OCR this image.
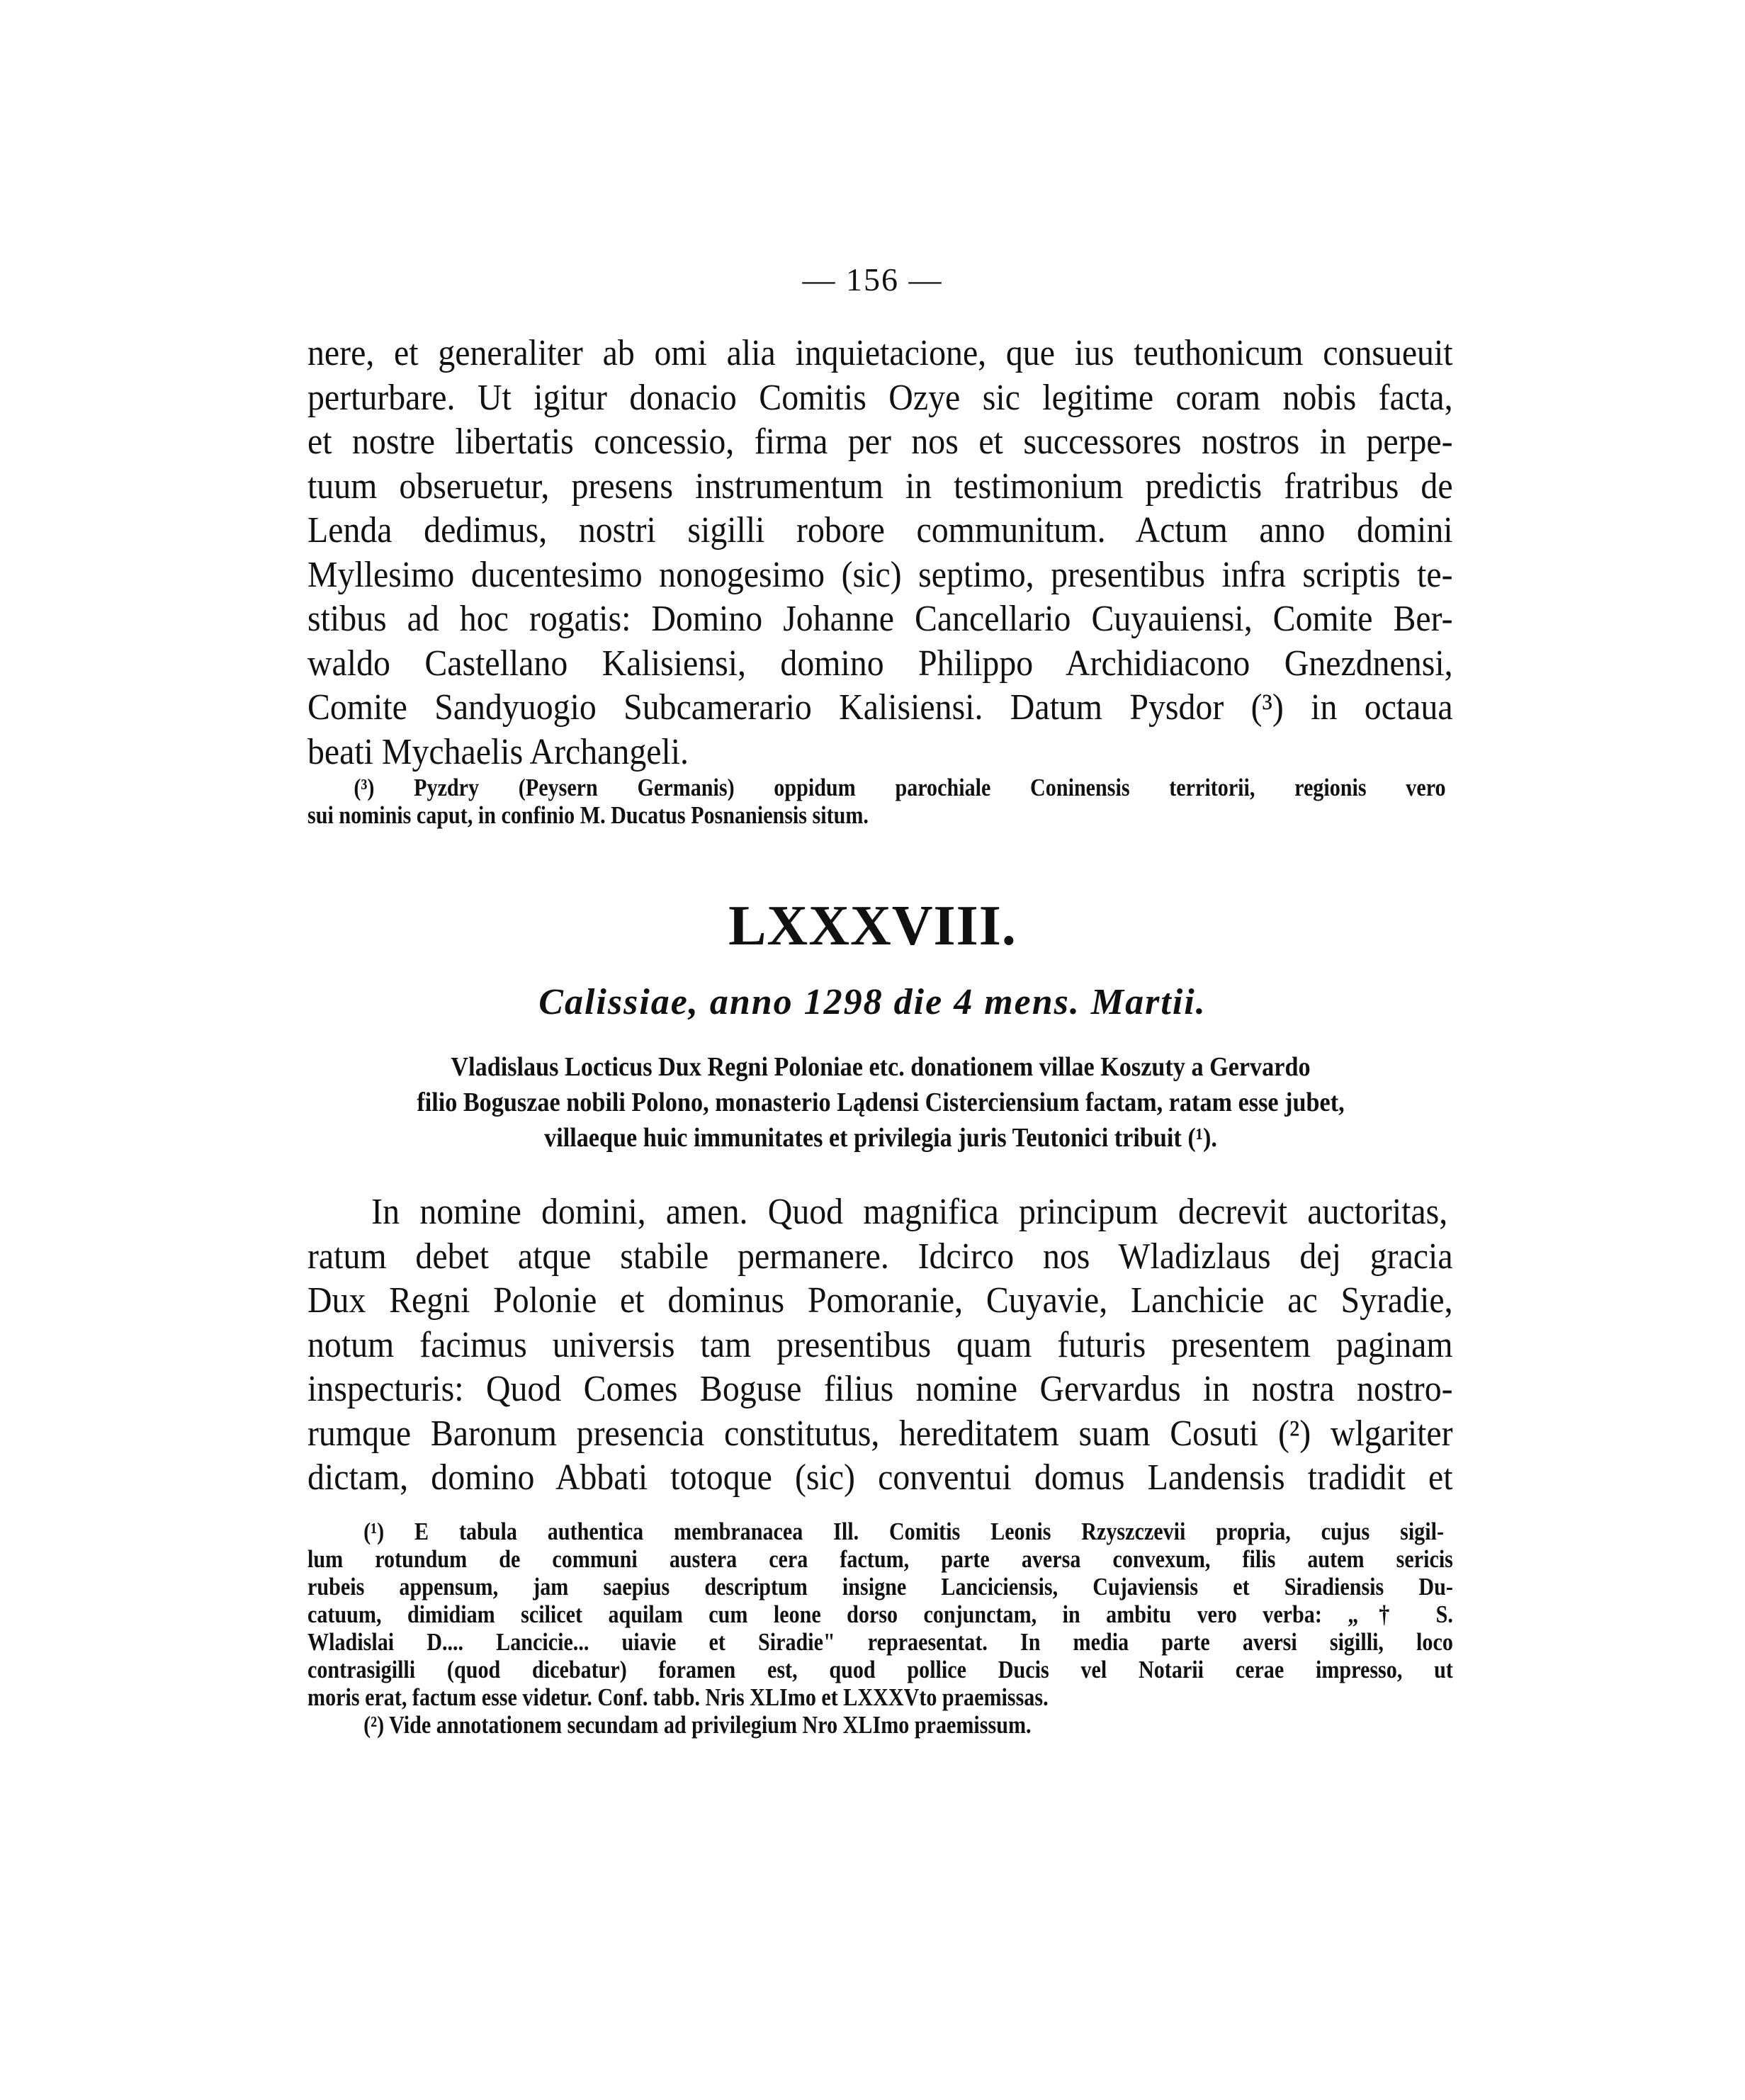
— 156 —
nere, et generaliter ab omi alia inquietacione, que ius teuthonicum consueuit
perturbare. Ut igitur donacio Comitis Ozye sic legitime coram nobis facta,
et nostre libertatis concessio, firma per nos et successores nostros in perpe-
tuum obseruetur, presens instrumentum in testimonium predictis fratribus de
Lenda dedimus, nostri sigilli robore communitum. Actum anno domini
Myllesimo ducentesimo nonogesimo (sic) septimo, presentibus infra scriptis te-
stibus ad hoc rogatis: Domino Johanne Cancellario Cuyauiensi, Comite Ber-
waldo Castellano Kalisiensi, domino Philippo Archidiacono Gnezdnensi,
Comite Sandyuogio Subcamerario Kalisiensi. Datum Pysdor (³) in octaua
beati Mychaelis Archangeli.
(³) Pyzdry (Peysern Germanis) oppidum parochiale Coninensis territorii, regionis vero
sui nominis caput, in confinio M. Ducatus Posnaniensis situm.
LXXXVIII.
Calissiae, anno 1298 die 4 mens. Martii.
Vladislaus Locticus Dux Regni Poloniae etc. donationem villae Koszuty a Gervardo
filio Boguszae nobili Polono, monasterio Lądensi Cisterciensium factam, ratam esse jubet,
villaeque huic immunitates et privilegia juris Teutonici tribuit (¹).
In nomine domini, amen. Quod magnifica principum decrevit auctoritas,
ratum debet atque stabile permanere. Idcirco nos Wladizlaus dej gracia
Dux Regni Polonie et dominus Pomoranie, Cuyavie, Lanchicie ac Syradie,
notum facimus universis tam presentibus quam futuris presentem paginam
inspecturis: Quod Comes Boguse filius nomine Gervardus in nostra nostro-
rumque Baronum presencia constitutus, hereditatem suam Cosuti (²) wlgariter
dictam, domino Abbati totoque (sic) conventui domus Landensis tradidit et
(¹) E tabula authentica membranacea Ill. Comitis Leonis Rzyszczevii propria, cujus sigil-
lum rotundum de communi austera cera factum, parte aversa convexum, filis autem sericis
rubeis appensum, jam saepius descriptum insigne Lanciciensis, Cujaviensis et Siradiensis Du-
catuum, dimidiam scilicet aquilam cum leone dorso conjunctam, in ambitu vero verba: „† S.
Wladislai D.... Lancicie... uiavie et Siradie" repraesentat. In media parte aversi sigilli, loco
contrasigilli (quod dicebatur) foramen est, quod pollice Ducis vel Notarii cerae impresso, ut
moris erat, factum esse videtur. Conf. tabb. Nris XLImo et LXXXVto praemissas.
(²) Vide annotationem secundam ad privilegium Nro XLImo praemissum.
